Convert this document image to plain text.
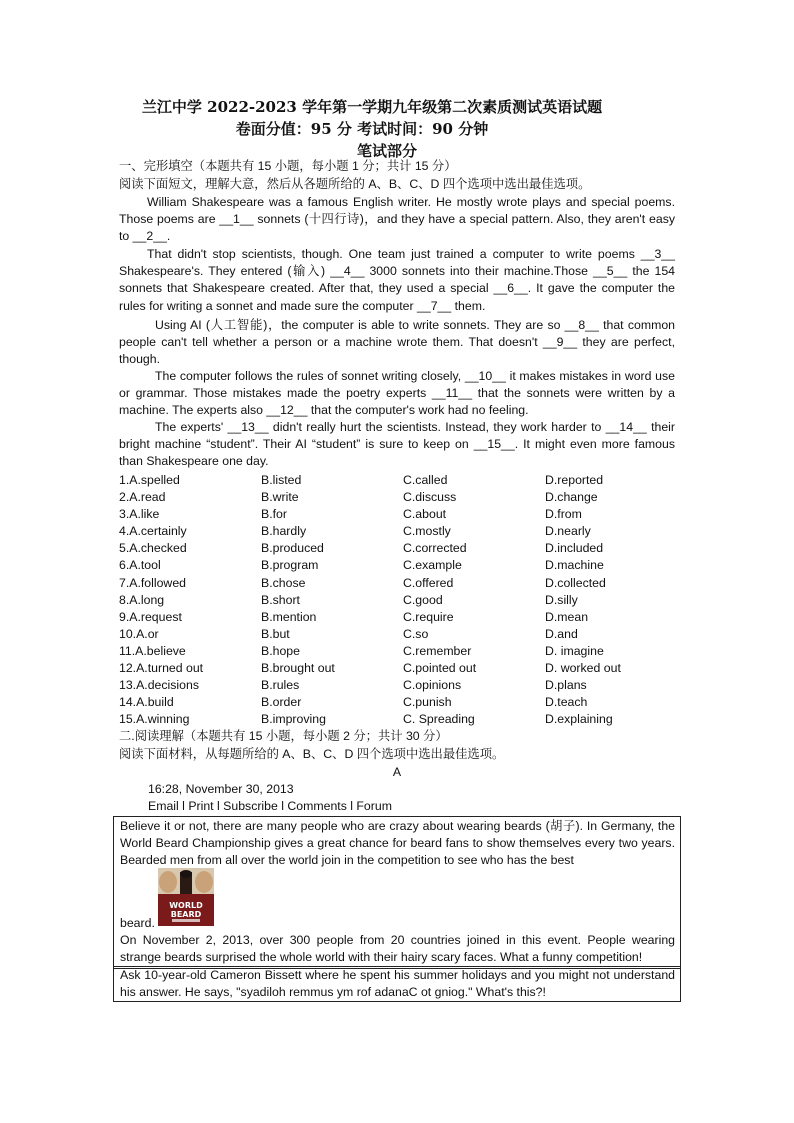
兰江中学 2022-2023 学年第一学期九年级第二次素质测试英语试题
卷面分值：95 分 考试时间：90 分钟
笔试部分
一、完形填空（本题共有 15 小题，每小题 1 分；共计 15 分）
阅读下面短文，理解大意，然后从各题所给的 A、B、C、D 四个选项中选出最佳选项。
William Shakespeare was a famous English writer. He mostly wrote plays and special poems. Those poems are __1__ sonnets (十四行诗)，and they have a special pattern. Also, they aren't easy to __2__.
That didn't stop scientists, though. One team just trained a computer to write poems __3__ Shakespeare's. They entered (输入) __4__ 3000 sonnets into their machine.Those __5__ the 154 sonnets that Shakespeare created. After that, they used a special __6__. It gave the computer the rules for writing a sonnet and made sure the computer __7__ them.
Using AI (人工智能)，the computer is able to write sonnets. They are so __8__ that common people can't tell whether a person or a machine wrote them. That doesn't __9__ they are perfect, though.
The computer follows the rules of sonnet writing closely, __10__ it makes mistakes in word use or grammar. Those mistakes made the poetry experts __11__ that the sonnets were written by a machine. The experts also __12__ that the computer's work had no feeling.
The experts' __13__ didn't really hurt the scientists. Instead, they work harder to __14__ their bright machine “student”. Their AI “student” is sure to keep on __15__. It might even more famous than Shakespeare one day.
1.A.spelled	B.listed	C.called	D.reported
2.A.read	B.write	C.discuss	D.change
3.A.like	B.for	C.about	D.from
4.A.certainly	B.hardly	C.mostly	D.nearly
5.A.checked	B.produced	C.corrected	D.included
6.A.tool	B.program	C.example	D.machine
7.A.followed	B.chose	C.offered	D.collected
8.A.long	B.short	C.good	D.silly
9.A.request	B.mention	C.require	D.mean
10.A.or	B.but	C.so	D.and
11.A.believe	B.hope	C.remember	D. imagine
12.A.turned out	B.brought out	C.pointed out	D. worked out
13.A.decisions	B.rules	C.opinions	D.plans
14.A.build	B.order	C.punish	D.teach
15.A.winning	B.improving	C. Spreading	D.explaining
二.阅读理解（本题共有 15 小题，每小题 2 分；共计 30 分）
阅读下面材料，从每题所给的 A、B、C、D 四个选项中选出最佳选项。
A
16:28, November 30, 2013
Email l Print l Subscribe l Comments l Forum
Believe it or not, there are many people who are crazy about wearing beards (胡子). In Germany, the World Beard Championship gives a great chance for beard fans to show themselves every two years. Bearded men from all over the world join in the competition to see who has the best
WORLD
BEARD
beard.
On November 2, 2013, over 300 people from 20 countries joined in this event. People wearing strange beards surprised the whole world with their hairy scary faces. What a funny competition!
Ask 10-year-old Cameron Bissett where he spent his summer holidays and you might not understand his answer. He says, "syadiloh remmus ym rof adanaC ot gniog." What's this?!
